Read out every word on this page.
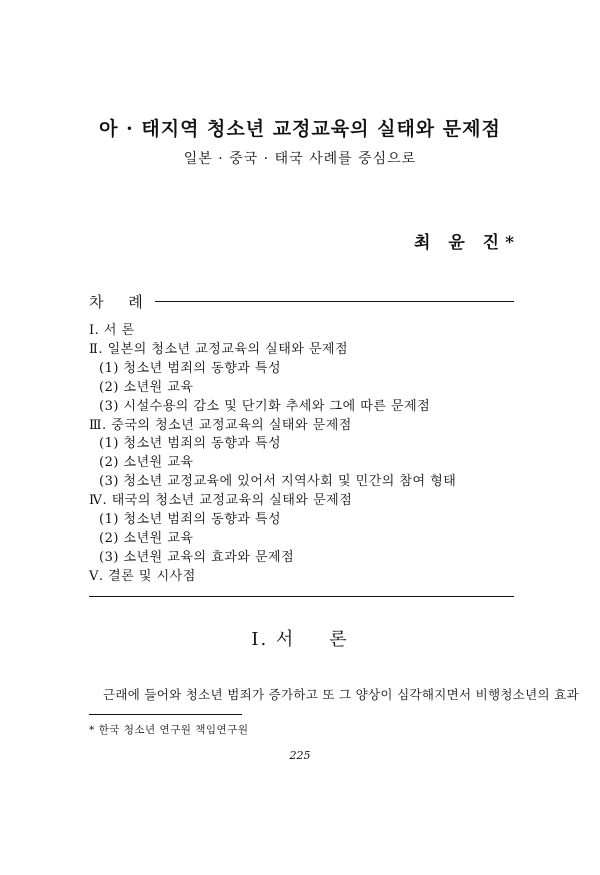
아 · 태지역 청소년 교정교육의 실태와 문제점
일본 · 중국 · 태국 사례를 중심으로
최 윤 진*
차 례
Ⅰ. 서 론
Ⅱ. 일본의 청소년 교정교육의 실태와 문제점
(1) 청소년 범죄의 동향과 특성
(2) 소년원 교육
(3) 시설수용의 감소 및 단기화 추세와 그에 따른 문제점
Ⅲ. 중국의 청소년 교정교육의 실태와 문제점
(1) 청소년 범죄의 동향과 특성
(2) 소년원 교육
(3) 청소년 교정교육에 있어서 지역사회 및 민간의 참여 형태
Ⅳ. 태국의 청소년 교정교육의 실태와 문제점
(1) 청소년 범죄의 동향과 특성
(2) 소년원 교육
(3) 소년원 교육의 효과와 문제점
Ⅴ. 결론 및 시사점
Ⅰ. 서 론
근래에 들어와 청소년 범죄가 증가하고 또 그 양상이 심각해지면서 비행청소년의 효과
* 한국 청소년 연구원 책임연구원
225
